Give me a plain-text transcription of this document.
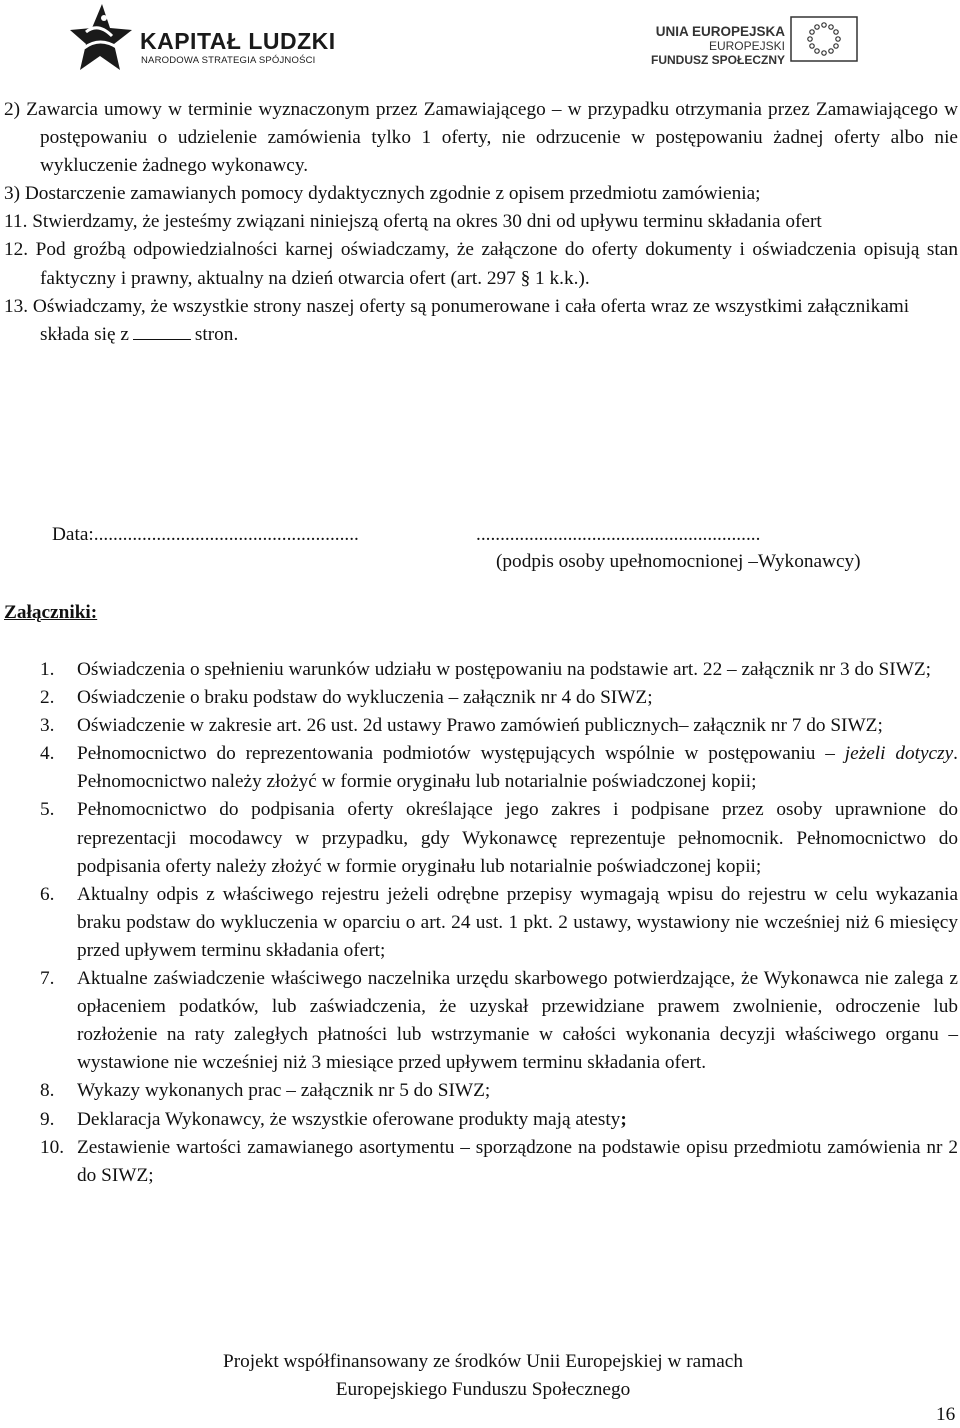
KAPITAŁ LUDZKI
NARODOWA STRATEGIA SPÓJNOŚCI
UNIA EUROPEJSKA
EUROPEJSKI
FUNDUSZ SPOŁECZNY

2) Zawarcia umowy w terminie wyznaczonym przez Zamawiającego – w przypadku otrzymania przez Zamawiającego w postępowaniu o udzielenie zamówienia tylko 1 oferty, nie odrzucenie w postępowaniu żadnej oferty albo nie wykluczenie żadnego wykonawcy.

3) Dostarczenie zamawianych pomocy dydaktycznych zgodnie z opisem przedmiotu zamówienia;

11. Stwierdzamy, że jesteśmy związani niniejszą ofertą na okres 30 dni od upływu terminu składania ofert

12. Pod groźbą odpowiedzialności karnej oświadczamy, że załączone do oferty dokumenty i oświadczenia opisują stan faktyczny i prawny, aktualny na dzień otwarcia ofert (art. 297 § 1 k.k.).

13. Oświadczamy, że wszystkie strony naszej oferty są ponumerowane i cała oferta wraz ze wszystkimi załącznikami składa się z	stron.

Data:.......................................................	...........................................................
(podpis osoby upełnomocnionej –Wykonawcy)
Załączniki:
1. Oświadczenia o spełnieniu warunków udziału w postępowaniu na podstawie art. 22 – załącznik nr 3 do SIWZ;
2. Oświadczenie o braku podstaw do wykluczenia – załącznik nr 4 do SIWZ;
3. Oświadczenie w zakresie art. 26 ust. 2d ustawy Prawo zamówień publicznych– załącznik nr 7 do SIWZ;
4. Pełnomocnictwo do reprezentowania podmiotów występujących wspólnie w postępowaniu – jeżeli dotyczy. Pełnomocnictwo należy złożyć w formie oryginału lub notarialnie poświadczonej kopii;
5. Pełnomocnictwo do podpisania oferty określające jego zakres i podpisane przez osoby uprawnione do reprezentacji mocodawcy w przypadku, gdy Wykonawcę reprezentuje pełnomocnik. Pełnomocnictwo do podpisania oferty należy złożyć w formie oryginału lub notarialnie poświadczonej kopii;
6. Aktualny odpis z właściwego rejestru jeżeli odrębne przepisy wymagają wpisu do rejestru w celu wykazania braku podstaw do wykluczenia w oparciu o art. 24 ust. 1 pkt. 2 ustawy, wystawiony nie wcześniej niż 6 miesięcy przed upływem terminu składania ofert;
7. Aktualne zaświadczenie właściwego naczelnika urzędu skarbowego potwierdzające, że Wykonawca nie zalega z opłaceniem podatków, lub zaświadczenia, że uzyskał przewidziane prawem zwolnienie, odroczenie lub rozłożenie na raty zaległych płatności lub wstrzymanie w całości wykonania decyzji właściwego organu – wystawione nie wcześniej niż 3 miesiące przed upływem terminu składania ofert.
8. Wykazy wykonanych prac – załącznik nr 5 do SIWZ;
9. Deklaracja Wykonawcy, że wszystkie oferowane produkty mają atesty;
10. Zestawienie wartości zamawianego asortymentu – sporządzone na podstawie opisu przedmiotu zamówienia nr 2 do SIWZ;
Projekt współfinansowany ze środków Unii Europejskiej w ramach
Europejskiego Funduszu Społecznego
16
